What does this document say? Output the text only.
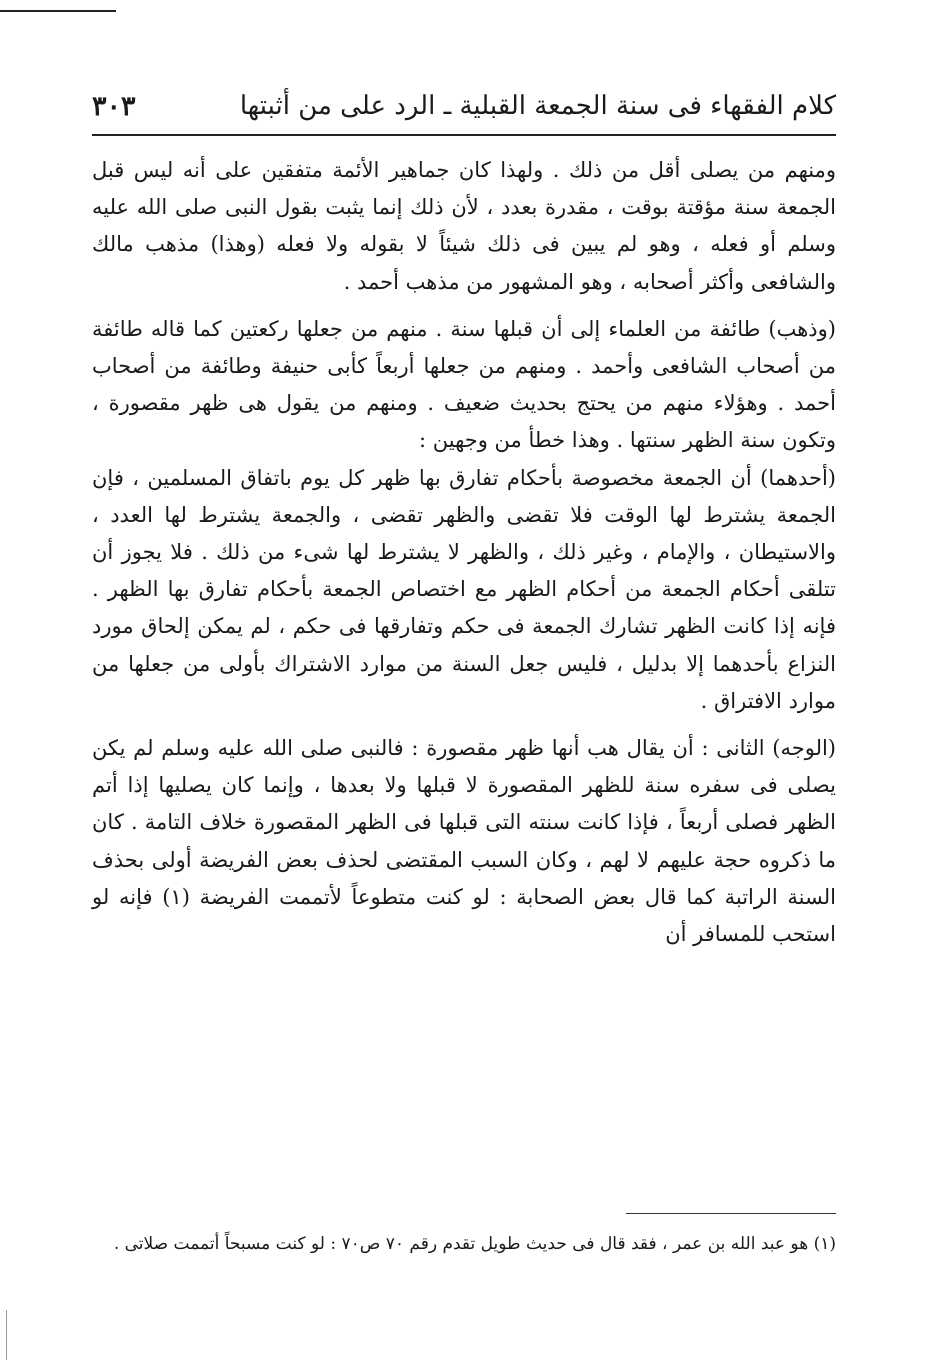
كلام الفقهاء فى سنة الجمعة القبلية ـ الرد على من أثبتها
٣٠٣

ومنهم من يصلى أقل من ذلك . ولهذا كان جماهير الأئمة متفقين على أنه ليس قبل الجمعة سنة مؤقتة بوقت ، مقدرة بعدد ، لأن ذلك إنما يثبت بقول النبى صلى الله عليه وسلم أو فعله ، وهو لم يبين فى ذلك شيئاً لا بقوله ولا فعله (وهذا) مذهب مالك والشافعى وأكثر أصحابه ، وهو المشهور من مذهب أحمد .

(وذهب) طائفة من العلماء إلى أن قبلها سنة . منهم من جعلها ركعتين كما قاله طائفة من أصحاب الشافعى وأحمد . ومنهم من جعلها أربعاً كأبى حنيفة وطائفة من أصحاب أحمد . وهؤلاء منهم من يحتج بحديث ضعيف . ومنهم من يقول هى ظهر مقصورة ، وتكون سنة الظهر سنتها . وهذا خطأ من وجهين :

(أحدهما) أن الجمعة مخصوصة بأحكام تفارق بها ظهر كل يوم باتفاق المسلمين ، فإن الجمعة يشترط لها الوقت فلا تقضى والظهر تقضى ، والجمعة يشترط لها العدد ، والاستيطان ، والإمام ، وغير ذلك ، والظهر لا يشترط لها شىء من ذلك . فلا يجوز أن تتلقى أحكام الجمعة من أحكام الظهر مع اختصاص الجمعة بأحكام تفارق بها الظهر . فإنه إذا كانت الظهر تشارك الجمعة فى حكم وتفارقها فى حكم ، لم يمكن إلحاق مورد النزاع بأحدهما إلا بدليل ، فليس جعل السنة من موارد الاشتراك بأولى من جعلها من موارد الافتراق .

(الوجه) الثانى : أن يقال هب أنها ظهر مقصورة : فالنبى صلى الله عليه وسلم لم يكن يصلى فى سفره سنة للظهر المقصورة لا قبلها ولا بعدها ، وإنما كان يصليها إذا أتم الظهر فصلى أربعاً ، فإذا كانت سنته التى قبلها فى الظهر المقصورة خلاف التامة . كان ما ذكروه حجة عليهم لا لهم ، وكان السبب المقتضى لحذف بعض الفريضة أولى بحذف السنة الراتبة كما قال بعض الصحابة : لو كنت متطوعاً لأتممت الفريضة (١) فإنه لو استحب للمسافر أن

(١) هو عبد الله بن عمر ، فقد قال فى حديث طويل تقدم رقم ٧٠ ص٧٠ : لو كنت مسبحاً أتممت صلاتى .
